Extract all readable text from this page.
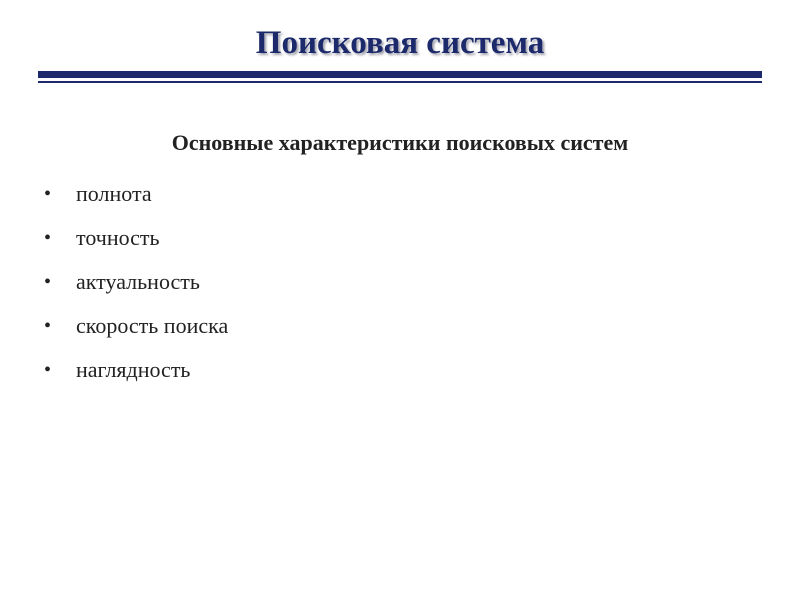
Поисковая система
Основные характеристики поисковых систем
•	полнота
•	точность
•	актуальность
•	скорость поиска
•	наглядность
